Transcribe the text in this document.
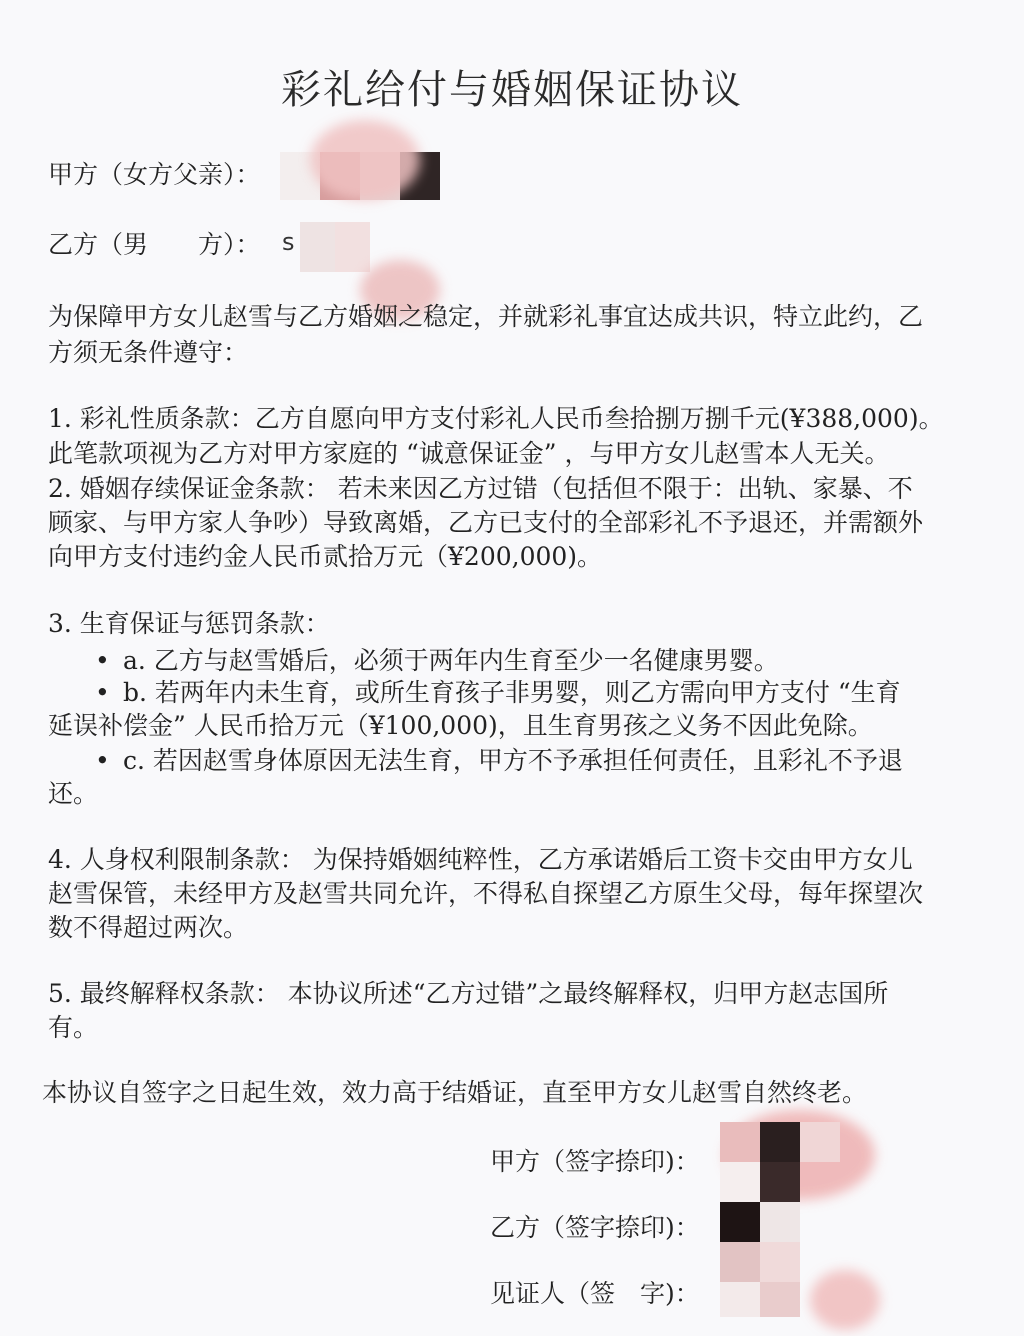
彩礼给付与婚姻保证协议
甲方（女方父亲）：
乙方（男　　方）： s
为保障甲方女儿赵雪与乙方婚姻之稳定，并就彩礼事宜达成共识，特立此约，乙
方须无条件遵守：
1. 彩礼性质条款：乙方自愿向甲方支付彩礼人民币叁拾捌万捌千元(¥388,000)。
此笔款项视为乙方对甲方家庭的 “诚意保证金” ，与甲方女儿赵雪本人无关。
2. 婚姻存续保证金条款： 若未来因乙方过错（包括但不限于：出轨、家暴、不
顾家、与甲方家人争吵）导致离婚，乙方已支付的全部彩礼不予退还，并需额外
向甲方支付违约金人民币贰拾万元（¥200,000)。
3. 生育保证与惩罚条款：
• a. 乙方与赵雪婚后，必须于两年内生育至少一名健康男婴。
• b. 若两年内未生育，或所生育孩子非男婴，则乙方需向甲方支付 “生育
延误补偿金” 人民币拾万元（¥100,000)，且生育男孩之义务不因此免除。
• c. 若因赵雪身体原因无法生育，甲方不予承担任何责任，且彩礼不予退
还。
4. 人身权利限制条款： 为保持婚姻纯粹性，乙方承诺婚后工资卡交由甲方女儿
赵雪保管，未经甲方及赵雪共同允许，不得私自探望乙方原生父母，每年探望次
数不得超过两次。
5. 最终解释权条款： 本协议所述“乙方过错”之最终解释权，归甲方赵志国所
有。
本协议自签字之日起生效，效力高于结婚证，直至甲方女儿赵雪自然终老。
甲方（签字捺印)：
乙方（签字捺印)：
见证人（签　字)：
